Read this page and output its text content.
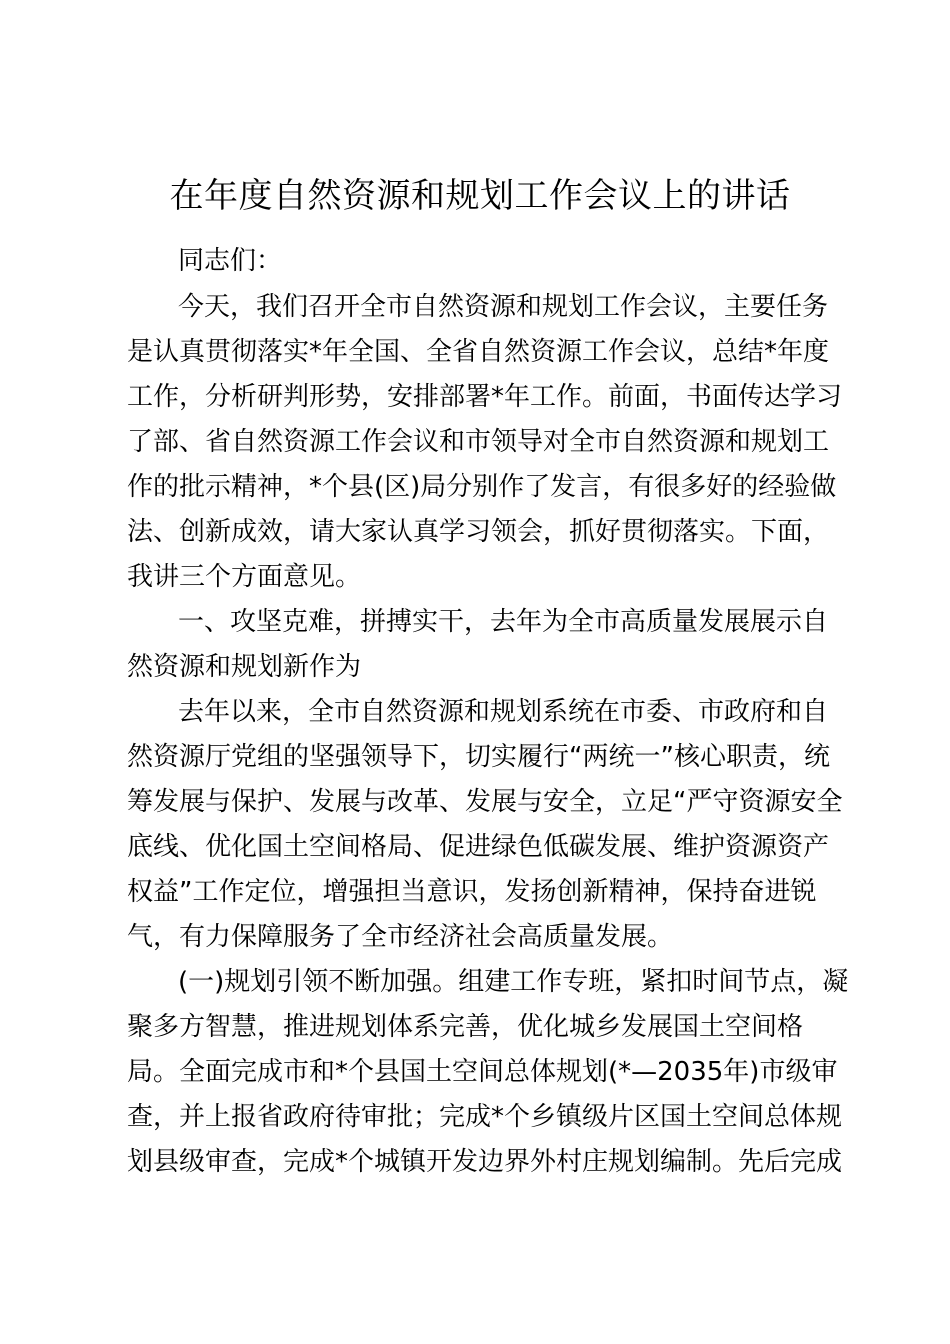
在年度自然资源和规划工作会议上的讲话
同志们：
今天，我们召开全市自然资源和规划工作会议，主要任务
是认真贯彻落实*年全国、全省自然资源工作会议，总结*年度
工作，分析研判形势，安排部署*年工作。前面，书面传达学习
了部、省自然资源工作会议和市领导对全市自然资源和规划工
作的批示精神，*个县(区)局分别作了发言，有很多好的经验做
法、创新成效，请大家认真学习领会，抓好贯彻落实。下面，
我讲三个方面意见。
一、攻坚克难，拼搏实干，去年为全市高质量发展展示自
然资源和规划新作为
去年以来，全市自然资源和规划系统在市委、市政府和自
然资源厅党组的坚强领导下，切实履行“两统一”核心职责，统
筹发展与保护、发展与改革、发展与安全，立足“严守资源安全
底线、优化国土空间格局、促进绿色低碳发展、维护资源资产
权益”工作定位，增强担当意识，发扬创新精神，保持奋进锐
气，有力保障服务了全市经济社会高质量发展。
(一)规划引领不断加强。组建工作专班，紧扣时间节点，凝
聚多方智慧，推进规划体系完善，优化城乡发展国土空间格
局。全面完成市和*个县国土空间总体规划(*—2035年)市级审
查，并上报省政府待审批；完成*个乡镇级片区国土空间总体规
划县级审查，完成*个城镇开发边界外村庄规划编制。先后完成
